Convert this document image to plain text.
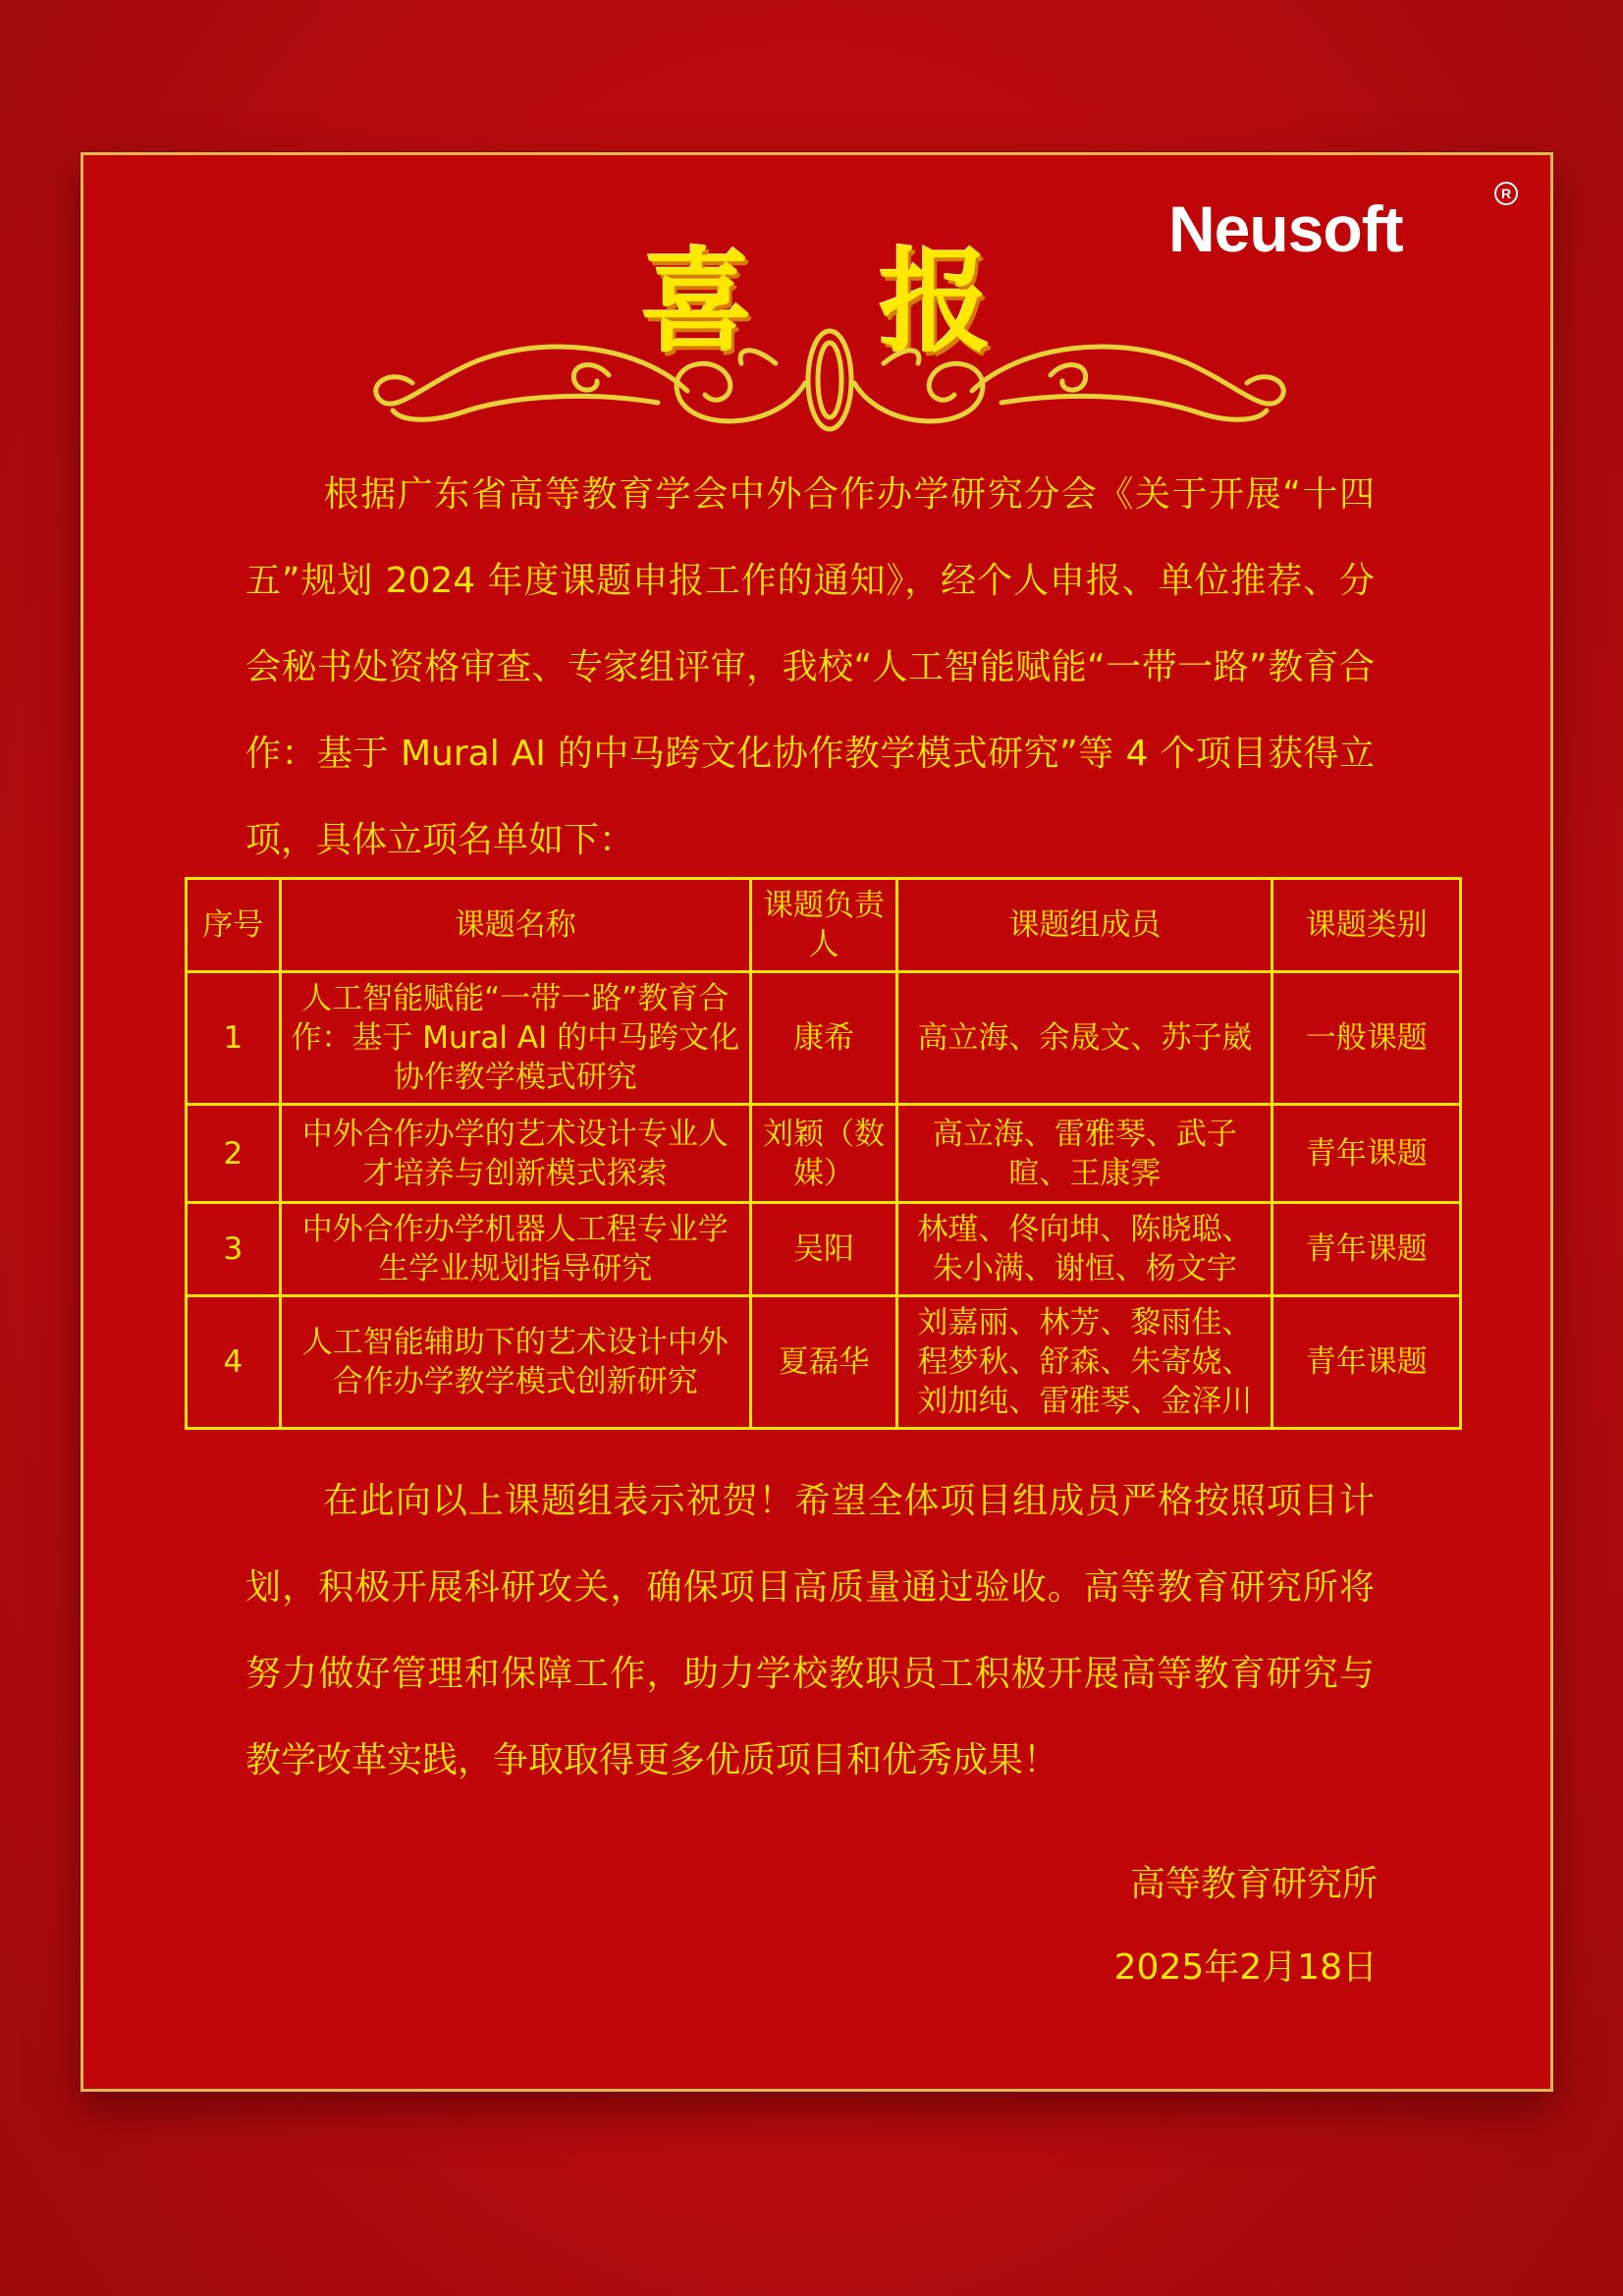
Neusoft	R
喜 报

根据广东省高等教育学会中外合作办学研究分会《关于开展“十四五”规划 2024 年度课题申报工作的通知》，经个人申报、单位推荐、分会秘书处资格审查、专家组评审，我校“人工智能赋能“一带一路”教育合作：基于 Mural AI 的中马跨文化协作教学模式研究”等 4 个项目获得立项，具体立项名单如下：

序号	课题名称	课题负责人	课题组成员	课题类别
1	人工智能赋能“一带一路”教育合作：基于 Mural AI 的中马跨文化协作教学模式研究	康希	高立海、余晟文、苏子崴	一般课题
2	中外合作办学的艺术设计专业人才培养与创新模式探索	刘颖（数媒）	高立海、雷雅琴、武子暄、王康霁	青年课题
3	中外合作办学机器人工程专业学生学业规划指导研究	吴阳	林瑾、佟向坤、陈晓聪、朱小满、谢恒、杨文宇	青年课题
4	人工智能辅助下的艺术设计中外合作办学教学模式创新研究	夏磊华	刘嘉丽、林芳、黎雨佳、程梦秋、舒森、朱寄娆、刘加纯、雷雅琴、金泽川	青年课题

在此向以上课题组表示祝贺！希望全体项目组成员严格按照项目计划，积极开展科研攻关，确保项目高质量通过验收。高等教育研究所将努力做好管理和保障工作，助力学校教职员工积极开展高等教育研究与教学改革实践，争取取得更多优质项目和优秀成果！

高等教育研究所

2025年2月18日
